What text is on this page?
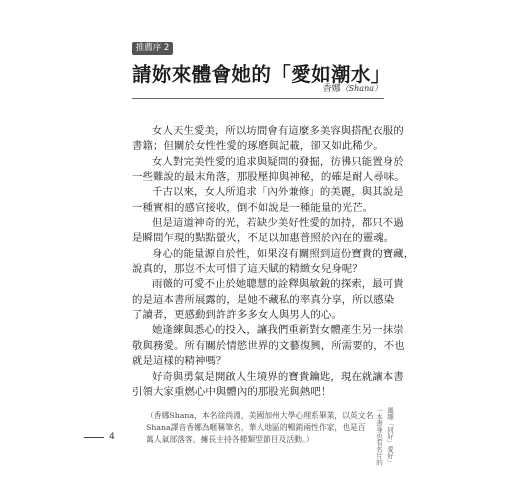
推薦序 2
請妳來體會她的「愛如潮水」
香娜（Shana）
女人天生愛美，所以坊間會有這麼多美容與搭配衣服的
書籍；但關於女性性愛的琢磨與記載，卻又如此稀少。
女人對完美性愛的追求與疑問的發掘，彷彿只能置身於
一些難說的最末角落，那股壓抑與神秘，的確是耐人尋味。
千古以來，女人所追求「內外兼修」的美麗，與其說是
一種實相的感官接收，倒不如說是一種能量的光芒。
但是這道神奇的光，若缺少美好性愛的加持，都只不過
是瞬間乍現的點點螢火，不足以加惠普照於內在的靈魂。
身心的能量源自於性，如果沒有關照到這份寶貴的寶藏，
說真的，那豈不太可惜了這天賦的精緻女兒身呢？
雨薇的可愛不止於她聰慧的詮釋與敏銳的探索，最可貴
的是這本書所展露的，是她不藏私的率真分享，所以感染
了讀者，更感動到許許多多女人與男人的心。
她逢練與悉心的投入，讓我們重新對女體產生另一抹崇
敬與務愛。所有關於情慾世界的文藝復興，所需要的，不也
就是這樣的精神嗎？
好奇與勇氣是開啟人生境界的寶貴鑰匙，現在就讓本書
引領大家重燃心中與體內的那股光與熱吧！
（香娜Shana，本名徐尚淵，美國加州大學心理系畢業，以英文名
Shana譯音香娜為暱稱筆名，華人地區的暢銷兩性作家，也是百
萬人氣部落客，擁長主持各種類型節目及活動。）	一本書身也有名片的 風趣「同好」愛好」
4
